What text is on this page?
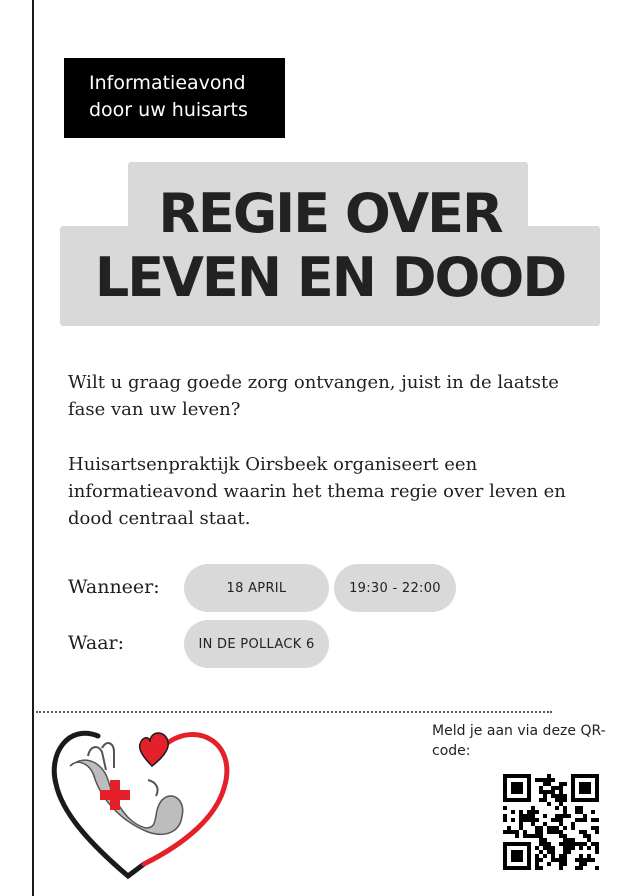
Informatieavond
door uw huisarts
REGIE OVER
LEVEN EN DOOD
Wilt u graag goede zorg ontvangen, juist in de laatste fase van uw leven?
Huisartsenpraktijk Oirsbeek organiseert een informatieavond waarin het thema regie over leven en dood centraal staat.
Wanneer:	18 APRIL	19:30 - 22:00
Waar:	IN DE POLLACK 6
Meld je aan via deze QR-code:
